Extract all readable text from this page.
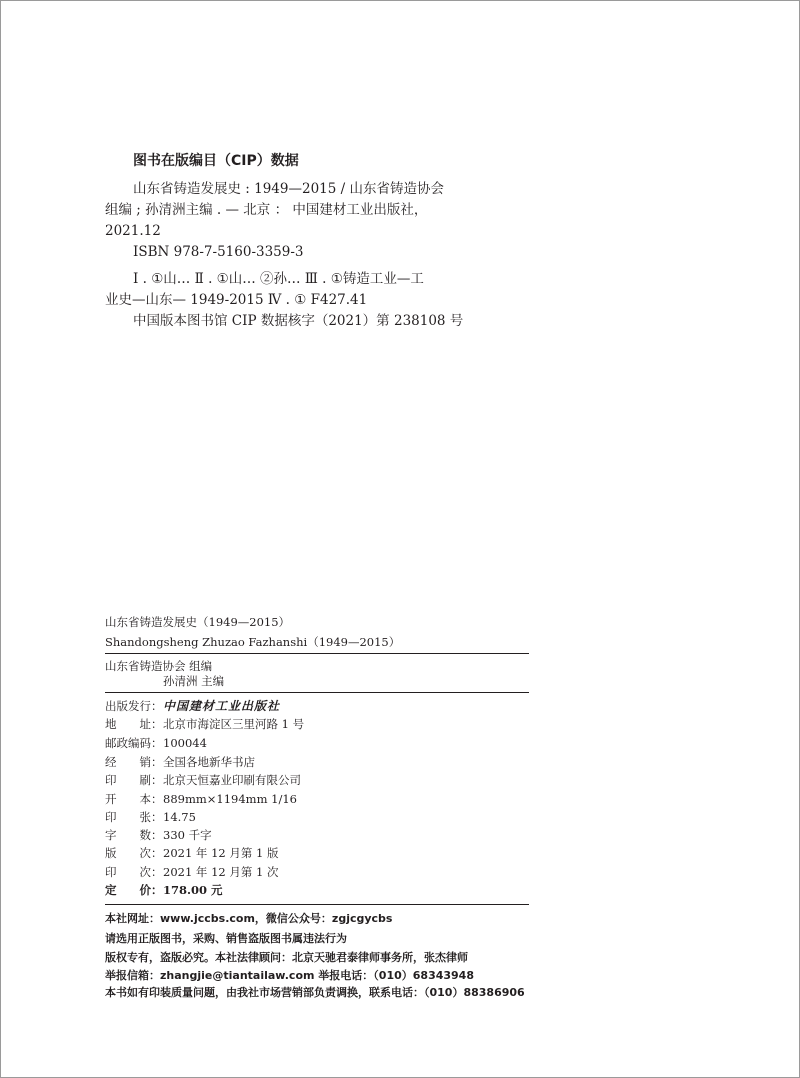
图书在版编目（CIP）数据

山东省铸造发展史 : 1949—2015 / 山东省铸造协会

组编 ; 孙清洲主编 . — 北京 ： 中国建材工业出版社，

2021.12

ISBN 978-7-5160-3359-3

Ⅰ . ①山… Ⅱ . ①山… ②孙… Ⅲ . ①铸造工业—工

业史—山东— 1949-2015 Ⅳ . ① F427.41

中国版本图书馆 CIP 数据核字（2021）第 238108 号

山东省铸造发展史（1949—2015）
Shandongsheng Zhuzao Fazhanshi（1949—2015）
山东省铸造协会 组编
孙清洲 主编
出版发行：中国建材工业出版社
地　　址：北京市海淀区三里河路 1 号
邮政编码：100044
经　　销：全国各地新华书店
印　　刷：北京天恒嘉业印刷有限公司
开　　本：889mm×1194mm 1/16
印　　张：14.75
字　　数：330 千字
版　　次：2021 年 12 月第 1 版
印　　次：2021 年 12 月第 1 次
定　　价：178.00 元
本社网址：www.jccbs.com，微信公众号：zgjcgycbs
请选用正版图书，采购、销售盗版图书属违法行为
版权专有，盗版必究。本社法律顾问：北京天驰君泰律师事务所，张杰律师
举报信箱：zhangjie@tiantailaw.com 举报电话：（010）68343948
本书如有印装质量问题，由我社市场营销部负责调换，联系电话：（010）88386906
